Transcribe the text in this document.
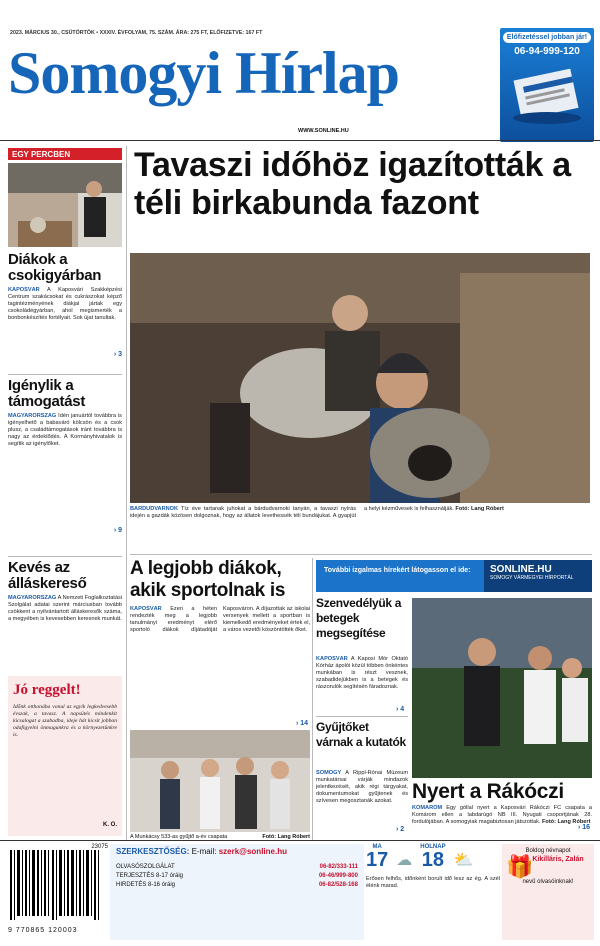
2023. MÁRCIUS 30., CSÜTÖRTÖK • XXXIV. ÉVFOLYAM, 75. SZÁM. ÁRA: 275 FT, ELŐFIZETVE: 167 FT
Somogyi Hírlap
WWW.SONLINE.HU
Előfizetéssel jobban jár!
06-94-999-120
EGY PERCBEN
Diákok a csokigyárban
KAPOSVÁR A Kaposvári Szakképzési Centrum szakácsokat és cukrászokat képző tagintézményének diákjai jártak egy csokoládégyárban, ahol megismerték a bonbonkészítés fortélyait. Sok újat tanultak.
› 3
Igénylik a támogatást
MAGYARORSZÁG Idén januártól továbbra is igényelhető a babaváró kölcsön és a csok plusz, a családtámogatások iránt továbbra is nagy az érdeklődés. A Kormányhivatalok is segítik az igénylőket.
› 9
Kevés az álláskereső
MAGYARORSZÁG A Nemzeti Foglalkoztatási Szolgálat adatai szerint márciusban tovább csökkent a nyilvántartott álláskeresők száma, a megyében is kevesebben keresnek munkát.
Jó reggelt!
Időnk otthonába vonul az egyik legkedvesebb évszak, a tavasz. A napsütés mindenkit kicsalogat a szabadba, ideje hát kicsit jobban odafigyelni önmagunkra és a környezetünkre is.
K. O.
Tavaszi időhöz igazították a téli birkabunda fazont
BÁRDUDVARNOK Tíz éve tartanak juhokat a bárdudvarnoki tanyán, a tavaszi nyírás idején a gazdák közösen dolgoznak, hogy az állatok levethessék téli bundájukat. A gyapjút a helyi kézművesek is felhasználják. Fotó: Lang Róbert
A legjobb diákok, akik sportolnak is
KAPOSVÁR Ezen a héten rendezték meg a legjobb tanulmányi eredményt elérő sportoló diákok díjátadóját Kaposváron. A díjazottak az iskolai versenyek mellett a sportban is kiemelkedő eredményeket értek el, a város vezetői köszöntötték őket.
› 14
A Munkácsy 533-as gyűjtő a-év csapata	Fotó: Lang Róbert
További izgalmas hírekért látogasson el ide:	SONLINE.HU
SOMOGY VÁRMEGYEI HÍRPORTÁL
Szenvedélyük a betegek megsegítése
KAPOSVÁR A Kaposi Mór Oktató Kórház ápolói közül többen önkéntes munkában is részt vesznek, szabadidejükben is a betegek és rászorulók segítésén fáradoznak.
› 4
Gyűjtőket várnak a kutatók
SOMOGY A Rippl-Rónai Múzeum munkatársai várják mindazok jelentkezését, akik régi tárgyakat, dokumentumokat gyűjtenek és szívesen megosztanák azokat.
› 2
Nyert a Rákóczi
KOMÁROM Egy góllal nyert a Kaposvári Rákóczi FC csapata a Komárom ellen a labdarúgó NB III. Nyugati csoportjának 28. fordulójában. A somogyiak magabiztosan játszottak. Fotó: Lang Róbert
› 16
23075
9 770865 120003
SZERKESZTŐSÉG: E-mail: szerk@sonline.hu
OLVASÓSZOLGÁLAT	06-82/333-111
TERJESZTÉS 8-17 óráig	06-46/999-800
HIRDETÉS 8-16 óráig	06-82/528-168
MA
17 ☁
HOLNAP
18 ⛅
Erősen felhős, időnként borult idő lesz az ég. A szél élénk marad.
Boldog névnapot
🎁
Kikilláris, Zalán
nevű olvasóinknak!
